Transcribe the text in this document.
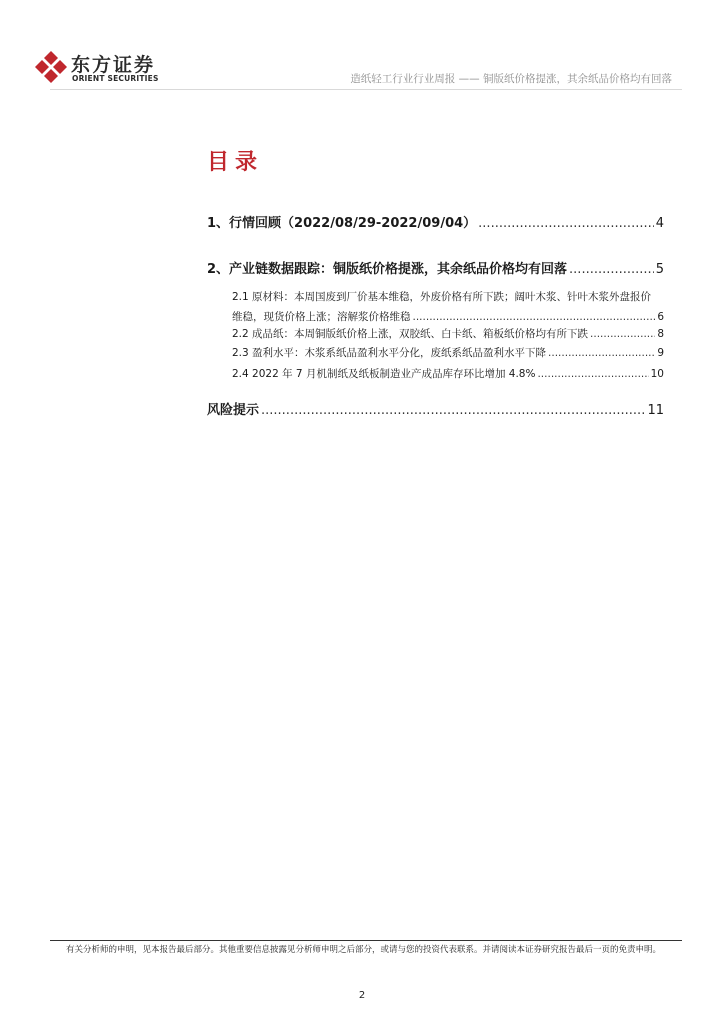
东方证券
ORIENT SECURITIES	造纸轻工行业行业周报 —— 铜版纸价格提涨，其余纸品价格均有回落
目录
1、行情回顾（2022/08/29-2022/09/04） .....	4
2、产业链数据跟踪：铜版纸价格提涨，其余纸品价格均有回落 .....	5
2.1 原材料：本周国废到厂价基本维稳，外废价格有所下跌；阔叶木浆、针叶木浆外盘报价
维稳，现货价格上涨；溶解浆价格维稳 .....	6
2.2 成品纸：本周铜版纸价格上涨，双胶纸、白卡纸、箱板纸价格均有所下跌 .....	8
2.3 盈利水平：木浆系纸品盈利水平分化，废纸系纸品盈利水平下降 .....	9
2.4 2022 年 7 月机制纸及纸板制造业产成品库存环比增加 4.8% .....	10
风险提示 .....	11
有关分析师的申明，见本报告最后部分。其他重要信息披露见分析师申明之后部分，或请与您的投资代表联系。并请阅读本证券研究报告最后一页的免责申明。
2
